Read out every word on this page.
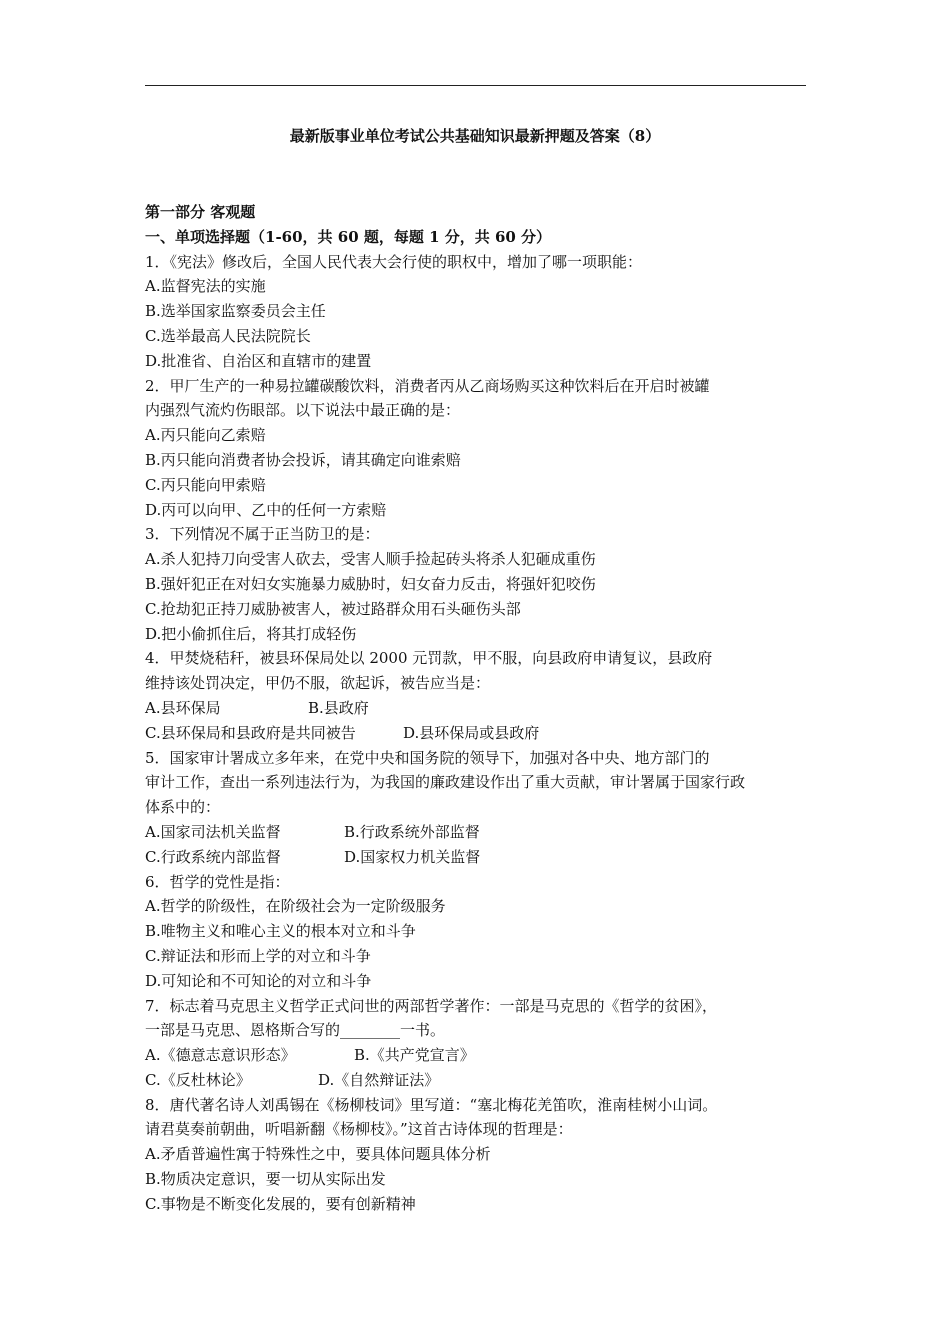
最新版事业单位考试公共基础知识最新押题及答案（8）
第一部分 客观题
一、单项选择题（1-60，共 60 题，每题 1 分，共 60 分）
1．《宪法》修改后，全国人民代表大会行使的职权中，增加了哪一项职能：
A.监督宪法的实施
B.选举国家监察委员会主任
C.选举最高人民法院院长
D.批准省、自治区和直辖市的建置
2．甲厂生产的一种易拉罐碳酸饮料，消费者丙从乙商场购买这种饮料后在开启时被罐
内强烈气流灼伤眼部。以下说法中最正确的是：
A.丙只能向乙索赔
B.丙只能向消费者协会投诉，请其确定向谁索赔
C.丙只能向甲索赔
D.丙可以向甲、乙中的任何一方索赔
3．下列情况不属于正当防卫的是：
A.杀人犯持刀向受害人砍去，受害人顺手捡起砖头将杀人犯砸成重伤
B.强奸犯正在对妇女实施暴力威胁时，妇女奋力反击，将强奸犯咬伤
C.抢劫犯正持刀威胁被害人，被过路群众用石头砸伤头部
D.把小偷抓住后，将其打成轻伤
4．甲焚烧秸秆，被县环保局处以 2000 元罚款，甲不服，向县政府申请复议，县政府
维持该处罚决定，甲仍不服，欲起诉，被告应当是：
A.县环保局	B.县政府
C.县环保局和县政府是共同被告	D.县环保局或县政府
5．国家审计署成立多年来，在党中央和国务院的领导下，加强对各中央、地方部门的
审计工作，查出一系列违法行为，为我国的廉政建设作出了重大贡献，审计署属于国家行政
体系中的：
A.国家司法机关监督	B.行政系统外部监督
C.行政系统内部监督	D.国家权力机关监督
6．哲学的党性是指：
A.哲学的阶级性，在阶级社会为一定阶级服务
B.唯物主义和唯心主义的根本对立和斗争
C.辩证法和形而上学的对立和斗争
D.可知论和不可知论的对立和斗争
7．标志着马克思主义哲学正式问世的两部哲学著作：一部是马克思的《哲学的贫困》，
一部是马克思、恩格斯合写的________一书。
A.《德意志意识形态》	B.《共产党宣言》
C.《反杜林论》	D.《自然辩证法》
8．唐代著名诗人刘禹锡在《杨柳枝词》里写道：“塞北梅花羌笛吹，淮南桂树小山词。
请君莫奏前朝曲，听唱新翻《杨柳枝》。”这首古诗体现的哲理是：
A.矛盾普遍性寓于特殊性之中，要具体问题具体分析
B.物质决定意识，要一切从实际出发
C.事物是不断变化发展的，要有创新精神
